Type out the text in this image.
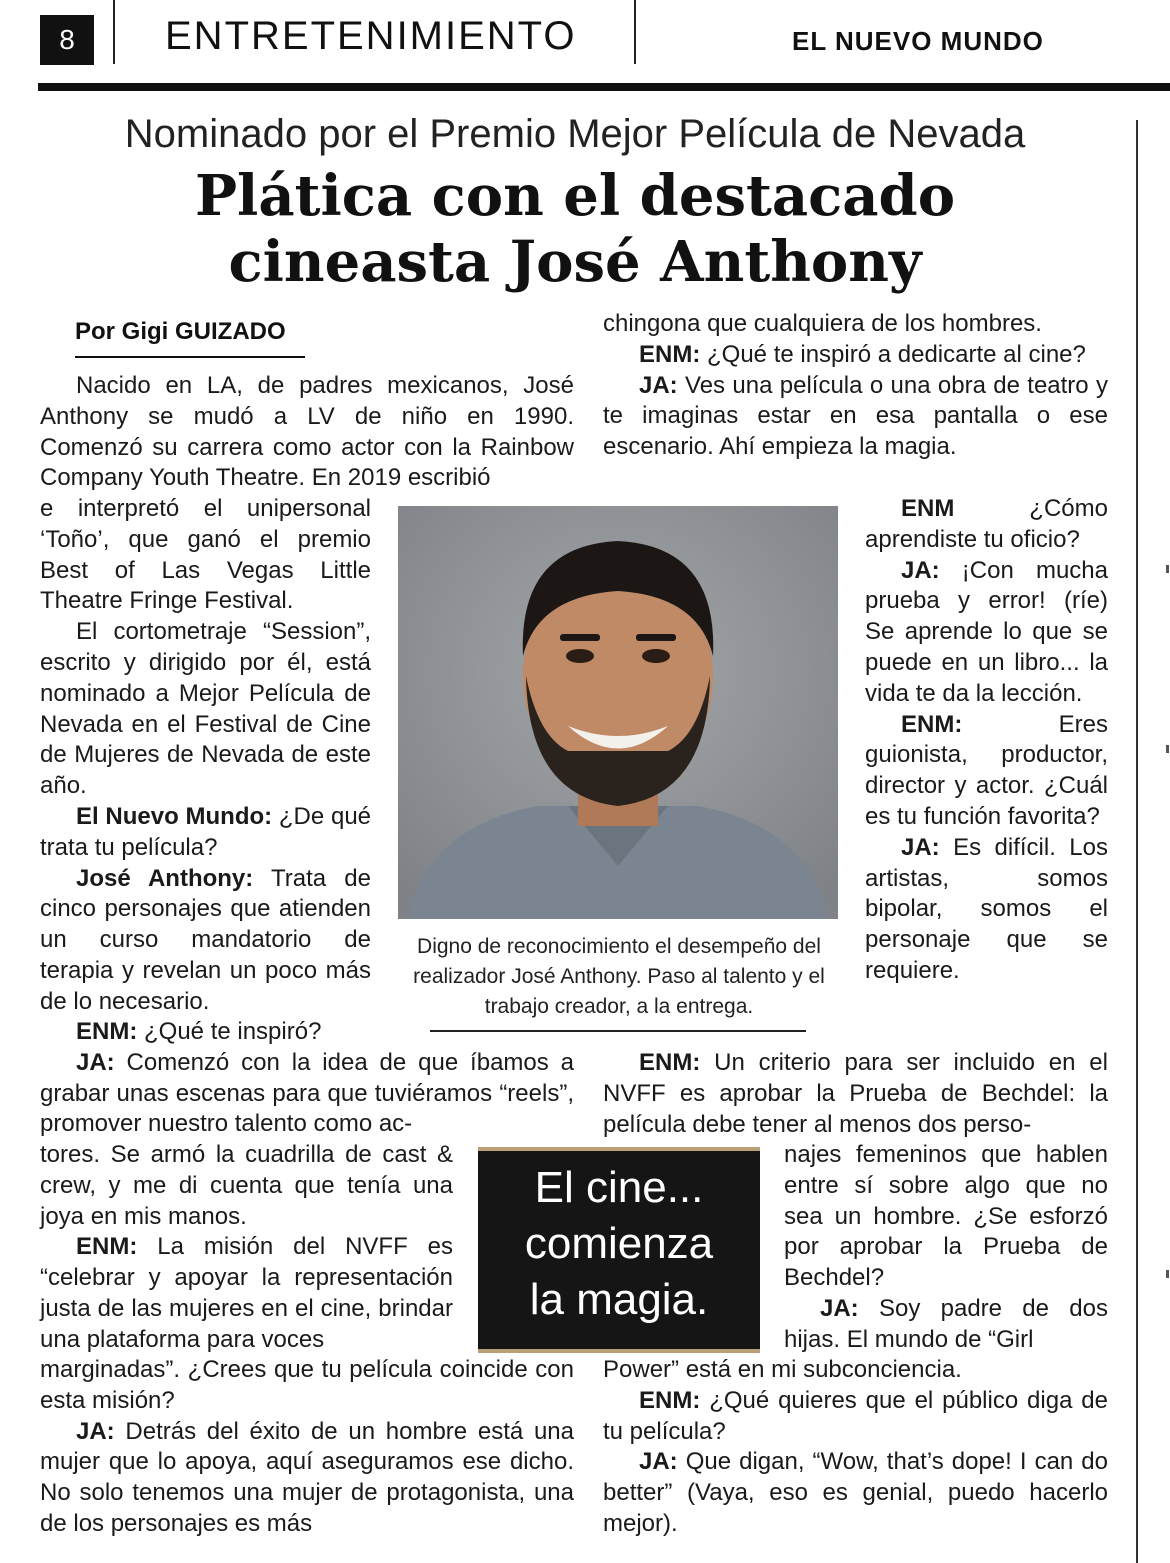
8	ENTRETENIMIENTO	EL NUEVO MUNDO
Nominado por el Premio Mejor Película de Nevada
Plática con el destacado
cineasta José Anthony
Por Gigi GUIZADO

Nacido en LA, de padres mexicanos, José Anthony se mudó a LV de niño en 1990. Comenzó su carrera como actor con la Rainbow Company Youth Theatre. En 2019 escribió

e interpretó el unipersonal ‘Toño’, que ganó el premio Best of Las Vegas Little Theatre Fringe Festival.

El cortometraje “Session”, escrito y dirigido por él, está nominado a Mejor Película de Nevada en el Festival de Cine de Mujeres de Nevada de este año.

El Nuevo Mundo: ¿De qué trata tu película?

José Anthony: Trata de cinco personajes que atienden un curso mandatorio de terapia y revelan un poco más de lo necesario.

ENM: ¿Qué te inspiró?

JA: Comenzó con la idea de que íbamos a grabar unas escenas para que tuviéramos “reels”, promover nuestro talento como ac-

tores. Se armó la cuadrilla de cast & crew, y me di cuenta que tenía una joya en mis manos.

ENM: La misión del NVFF es “celebrar y apoyar la representación justa de las mujeres en el cine, brindar una plataforma para voces

marginadas”. ¿Crees que tu película coincide con esta misión?

JA: Detrás del éxito de un hombre está una mujer que lo apoya, aquí aseguramos ese dicho. No solo tenemos una mujer de protagonista, una de los personajes es más

chingona que cualquiera de los hombres.

ENM: ¿Qué te inspiró a dedicarte al cine?

JA: Ves una película o una obra de teatro y te imaginas estar en esa pantalla o ese escenario. Ahí empieza la magia.

ENM ¿Cómo aprendiste tu oficio?

JA: ¡Con mucha prueba y error! (ríe) Se aprende lo que se puede en un libro... la vida te da la lección.

ENM: Eres guionista, productor, director y actor. ¿Cuál es tu función favorita?

JA: Es difícil. Los artistas, somos bipolar, somos el personaje que se requiere.

ENM: Un criterio para ser incluido en el NVFF es aprobar la Prueba de Bechdel: la película debe tener al menos dos perso-

najes femeninos que hablen entre sí sobre algo que no sea un hombre. ¿Se esforzó por aprobar la Prueba de Bechdel?

JA: Soy padre de dos hijas. El mundo de “Girl

Power” está en mi subconciencia.

ENM: ¿Qué quieres que el público diga de tu película?

JA: Que digan, “Wow, that’s dope! I can do better” (Vaya, eso es genial, puedo hacerlo mejor).

Digno de reconocimiento el desempeño del realizador José Anthony. Paso al talento y el trabajo creador, a la entrega.
El cine...
comienza
la magia.
